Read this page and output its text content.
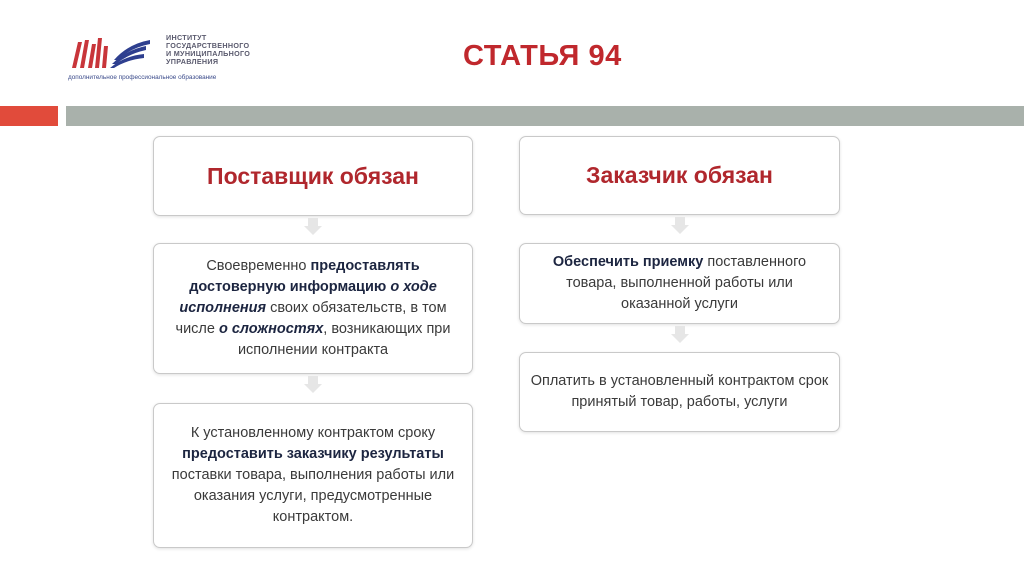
ИНСТИТУТ
ГОСУДАРСТВЕННОГО
И МУНИЦИПАЛЬНОГО
УПРАВЛЕНИЯ
дополнительное профессиональное образование
СТАТЬЯ 94
Поставщик обязан
Своевременно предоставлять достоверную информацию о ходе исполнения своих обязательств, в том числе о сложностях, возникающих при исполнении контракта
К установленному контрактом сроку предоставить заказчику результаты поставки товара, выполнения работы или оказания услуги, предусмотренные контрактом.
Заказчик обязан
Обеспечить приемку поставленного товара, выполненной работы или оказанной услуги
Оплатить в установленный контрактом срок принятый товар, работы, услуги
